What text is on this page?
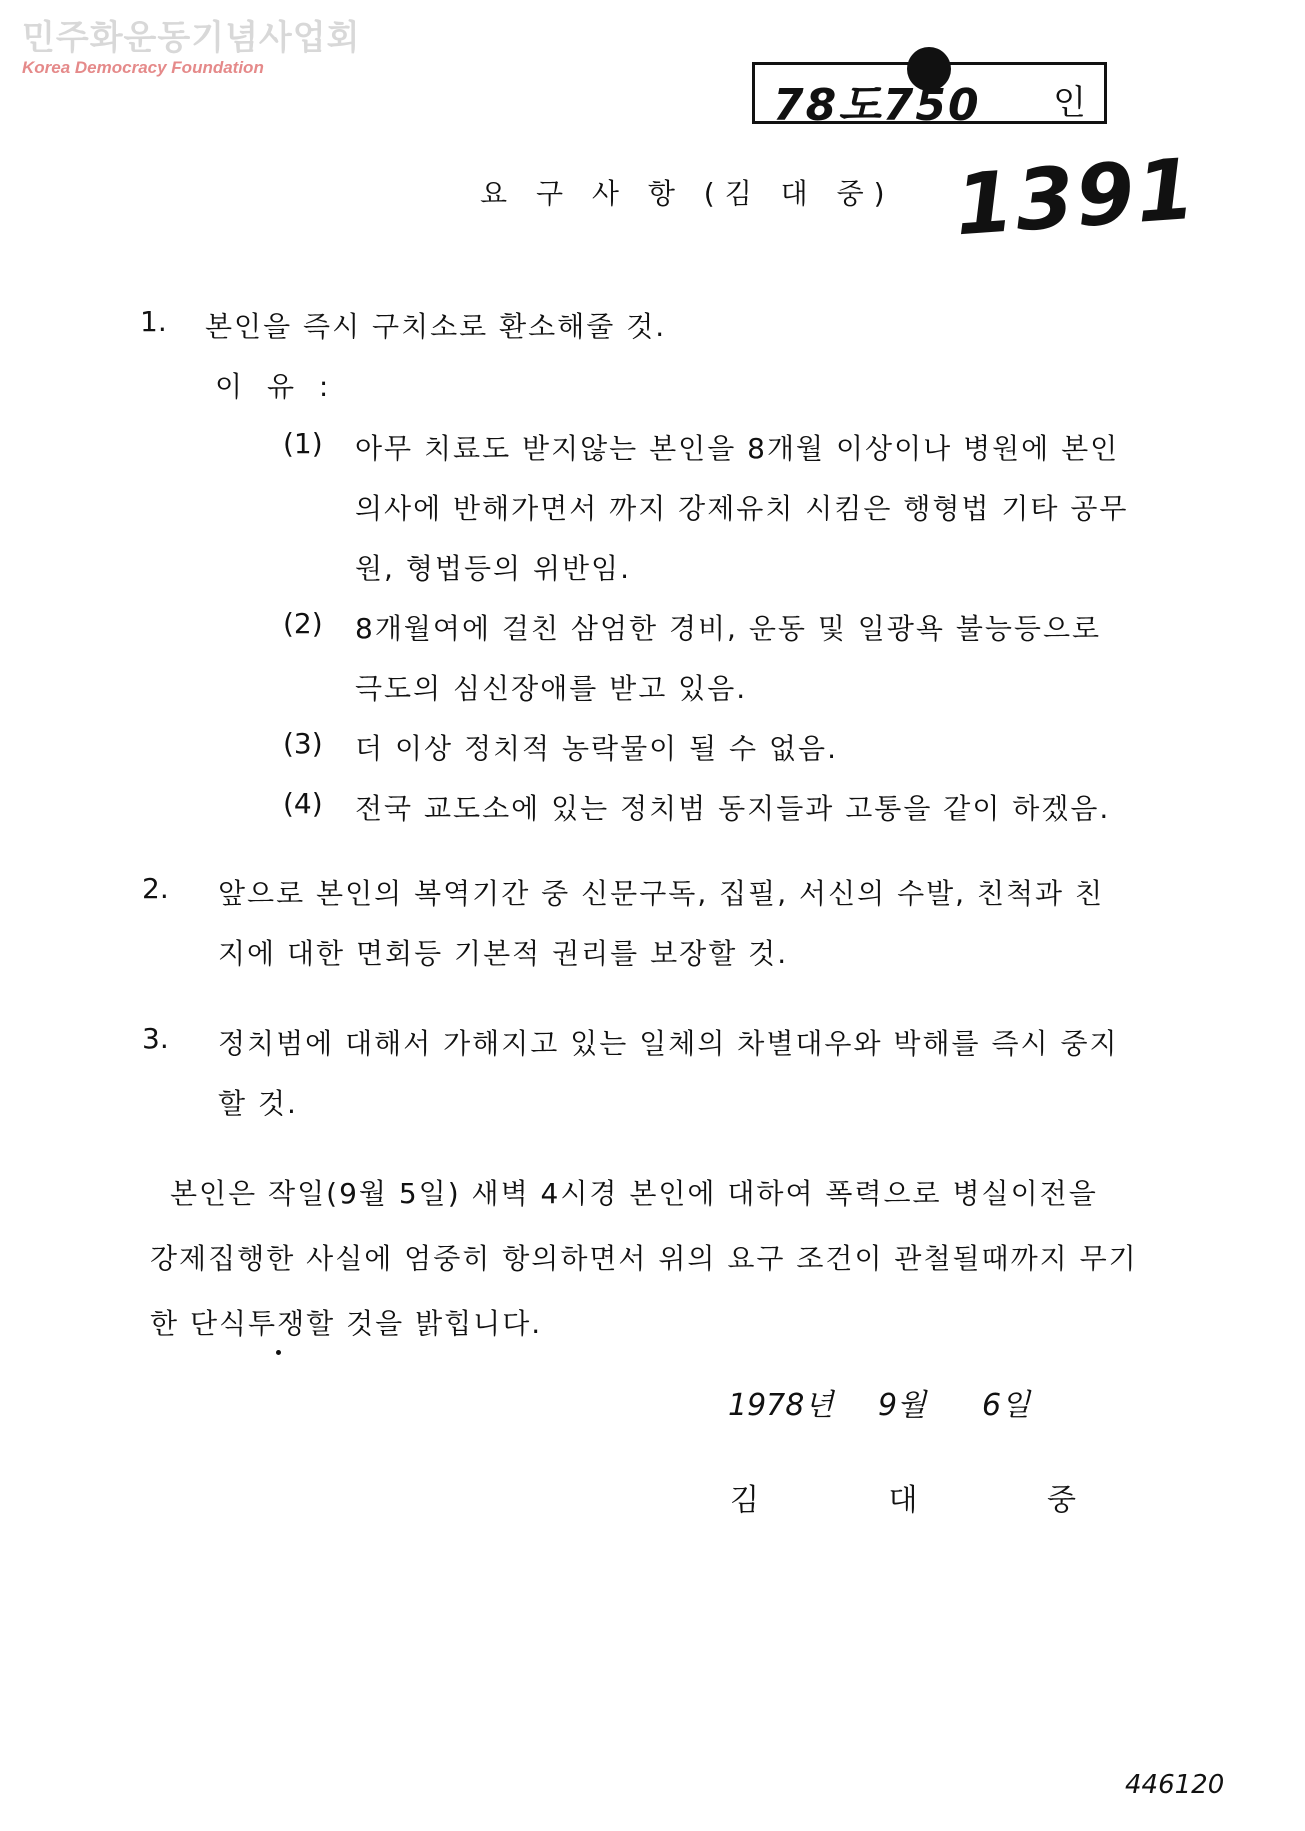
민주화운동기념사업회
Korea Democracy Foundation
78도750 인
1391
요 구 사 항 (김 대 중)
1. 본인을 즉시 구치소로 환소해줄 것.
이 유 :
(1) 아무 치료도 받지않는 본인을 8개월 이상이나 병원에 본인
의사에 반해가면서 까지 강제유치 시킴은 행형법 기타 공무
원, 형법등의 위반임.
(2) 8개월여에 걸친 삼엄한 경비, 운동 및 일광욕 불능등으로
극도의 심신장애를 받고 있음.
(3) 더 이상 정치적 농락물이 될 수 없음.
(4) 전국 교도소에 있는 정치범 동지들과 고통을 같이 하겠음.
2. 앞으로 본인의 복역기간 중 신문구독, 집필, 서신의 수발, 친척과 친
지에 대한 면회등 기본적 권리를 보장할 것.
3. 정치범에 대해서 가해지고 있는 일체의 차별대우와 박해를 즉시 중지
할 것.
본인은 작일(9월 5일) 새벽 4시경 본인에 대하여 폭력으로 병실이전을
강제집행한 사실에 엄중히 항의하면서 위의 요구 조건이 관철될때까지 무기
한 단식투쟁할 것을 밝힙니다.
1978년 9월 6일
김 대 중
446120
